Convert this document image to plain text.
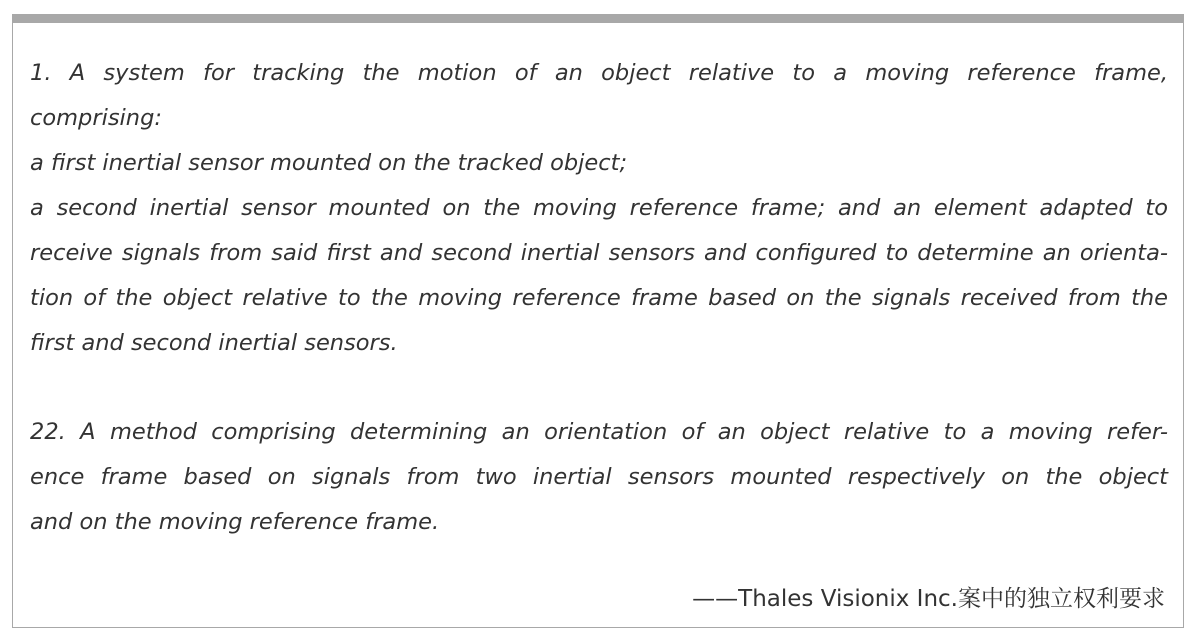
1. A system for tracking the motion of an object relative to a moving reference frame,
comprising:
a first inertial sensor mounted on the tracked object;
a second inertial sensor mounted on the moving reference frame; and an element adapted to
receive signals from said first and second inertial sensors and configured to determine an orienta-
tion of the object relative to the moving reference frame based on the signals received from the
first and second inertial sensors.
22. A method comprising determining an orientation of an object relative to a moving refer-
ence frame based on signals from two inertial sensors mounted respectively on the object
and on the moving reference frame.
——Thales Visionix Inc.案中的独立权利要求
